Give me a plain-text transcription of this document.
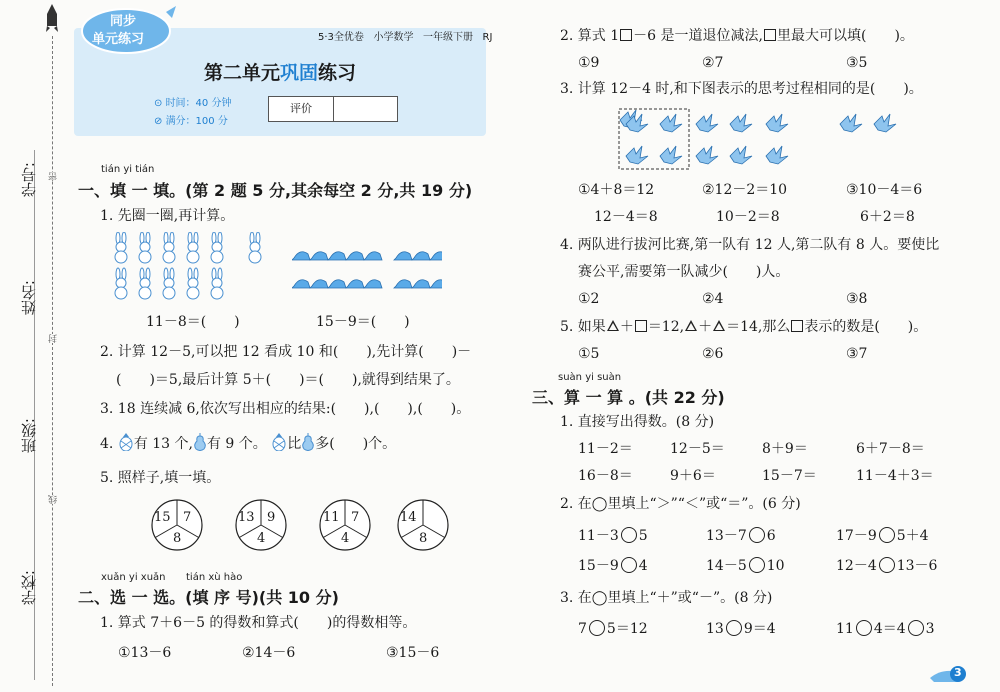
密
封
线
学号:
姓名:
班级:
学校:
同步
单元练习	5·3全优卷 小学数学 一年级下册 RJ
第二单元巩固练习
⊙ 时间：40 分钟
⊘ 满分：100 分
评价
tián yi tián
一、填 一 填。(第 2 题 5 分,其余每空 2 分,共 19 分)
1. 先圈一圈,再计算。
11－8＝(　　)	15－9＝(　　)
2. 计算 12－5,可以把 12 看成 10 和(　　),先计算(　　)－
(　　)＝5,最后计算 5＋(　　)＝(　　),就得到结果了。
3. 18 连续减 6,依次写出相应的结果:(　　),(　　),(　　)。
4. 有 13 个, 有 9 个。 比 多(　　)个。
5. 照样子,填一填。
15 7
8
13 9
4
11 7
4
14
8
xuǎn yi xuǎn tián xù hào
二、选 一 选。(填 序 号)(共 10 分)
1. 算式 7＋6－5 的得数和算式(　　)的得数相等。
①13－6	②14－6	③15－6
2. 算式 1 －6 是一道退位减法, 里最大可以填(　　)。
①9	②7	③5
3. 计算 12－4 时,和下图表示的思考过程相同的是(　　)。
①4＋8＝12	②12－2＝10	③10－4＝6
12－4＝8	10－2＝8	6＋2＝8
4. 两队进行拔河比赛,第一队有 12 人,第二队有 8 人。要使比
赛公平,需要第一队减少(　　)人。
①2	②4	③8
5. 如果 ＋ ＝12, ＋ ＝14,那么 表示的数是(　　)。
①5	②6	③7
suàn yi suàn
三、算 一 算 。(共 22 分)
1. 直接写出得数。(8 分)
11－2＝	12－5＝	8＋9＝	6＋7－8＝
16－8＝	9＋6＝	15－7＝	11－4＋3＝
2. 在◯里填上“＞”“＜”或“＝”。(6 分)
11－3 5	13－7 6	17－9 5＋4
15－9 4	14－5 10	12－4 13－6
3. 在◯里填上“＋”或“－”。(8 分)
7 5＝12	13 9＝4	11 4＝4 3
3
